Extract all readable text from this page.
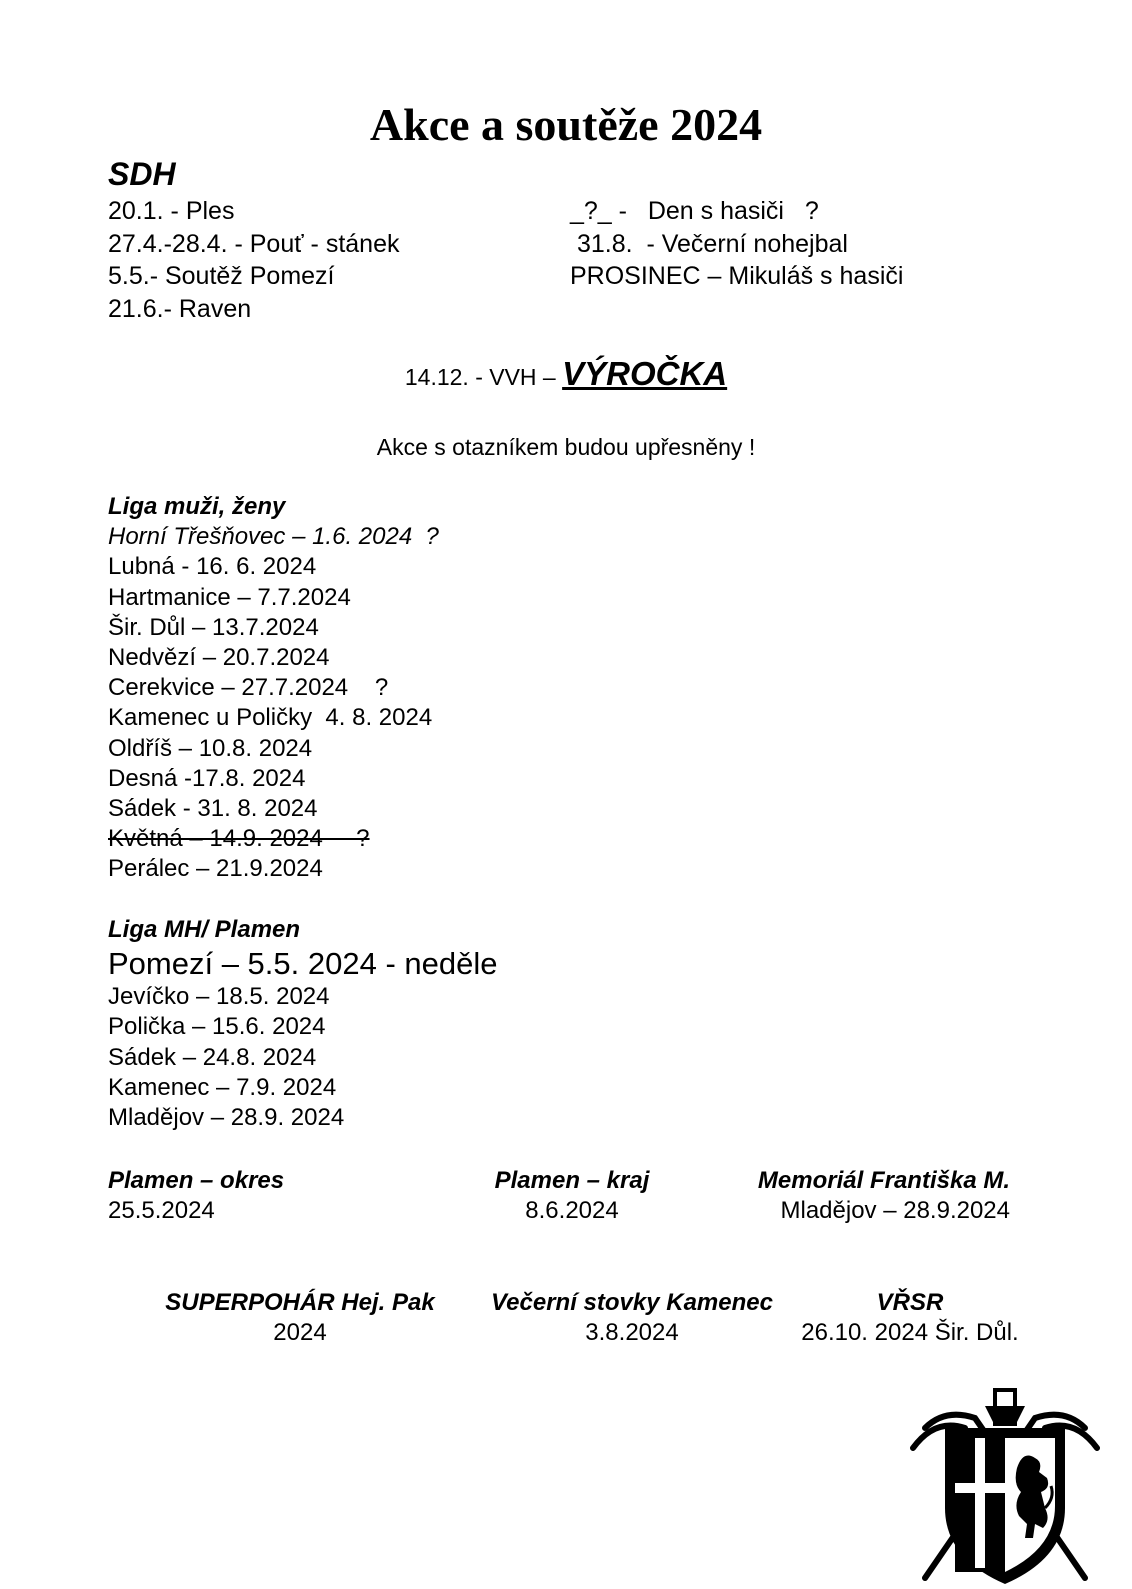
Akce a soutěže 2024
SDH
20.1. - Ples
27.4.-28.4. - Pouť - stánek
5.5.- Soutěž Pomezí
21.6.- Raven
_?_ -   Den s hasiči   ?
31.8.  - Večerní nohejbal
PROSINEC – Mikuláš s hasiči
14.12. - VVH – VÝROČKA
Akce s otazníkem budou upřesněny !
Liga muži, ženy
Horní Třešňovec – 1.6. 2024  ?
Lubná - 16. 6. 2024
Hartmanice – 7.7.2024
Šir. Důl – 13.7.2024
Nedvězí – 20.7.2024
Cerekvice – 27.7.2024    ?
Kamenec u Poličky  4. 8. 2024
Oldříš – 10.8. 2024
Desná -17.8. 2024
Sádek - 31. 8. 2024
Květná – 14.9. 2024     ?
Perálec – 21.9.2024
Liga MH/ Plamen
Pomezí – 5.5. 2024 - neděle
Jevíčko – 18.5. 2024
Polička – 15.6. 2024
Sádek – 24.8. 2024
Kamenec – 7.9. 2024
Mladějov – 28.9. 2024
Plamen – okres
25.5.2024
Plamen – kraj
8.6.2024
Memoriál Františka M.
Mladějov – 28.9.2024
SUPERPOHÁR Hej. Pak
2024
Večerní stovky Kamenec
3.8.2024
VŘSR
26.10. 2024 Šir. Důl.
